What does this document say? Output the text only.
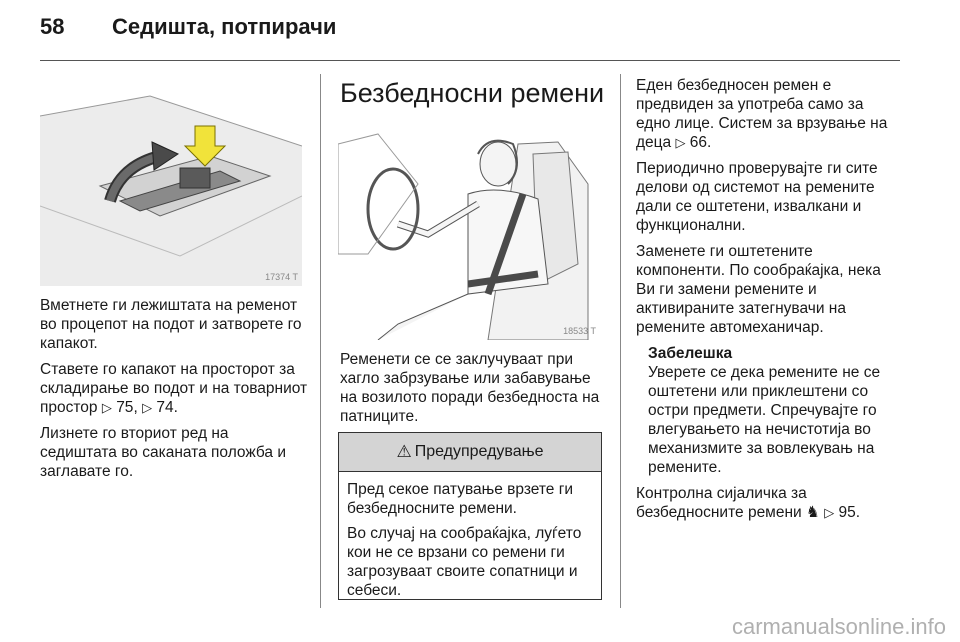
58 Седишта, потпирачи
17374 T

Вметнете ги лежиштата на ременот во процепот на подот и затворете го капакот.

Ставете го капакот на просторот за складирање во подот и на товарниот простор ▷ 75, ▷ 74.

Лизнете го вториот ред на седиштата во саканата положба и заглавате го.

Безбедносни ремени
18533 T

Ременети се се заклучуваат при хагло забрзување или забавување на возилото поради безбедноста на патниците.

⚠ Предупредување

Пред секое патување врзете ги безбедносните ремени.

Во случај на сообраќајка, луѓето кои не се врзани со ремени ги загрозуваат своите сопатници и себеси.

Еден безбедносен ремен е предвиден за употреба само за едно лице. Систем за врзување на деца ▷ 66.

Периодично проверувајте ги сите делови од системот на ремените дали се оштетени, извалкани и функционални.

Заменете ги оштетените компоненти. По сообраќајка, нека Ви ги замени ремените и активираните затегнувачи на ремените автомеханичар.

Забелешка

Уверете се дека ремените не се оштетени или приклештени со остри предмети. Спречувајте го влегувањето на нечистотија во механизмите за вовлекувањ на ремените.

Контролна сијаличка за безбедносните ремени ♞ ▷ 95.

carmanualsonline.info
